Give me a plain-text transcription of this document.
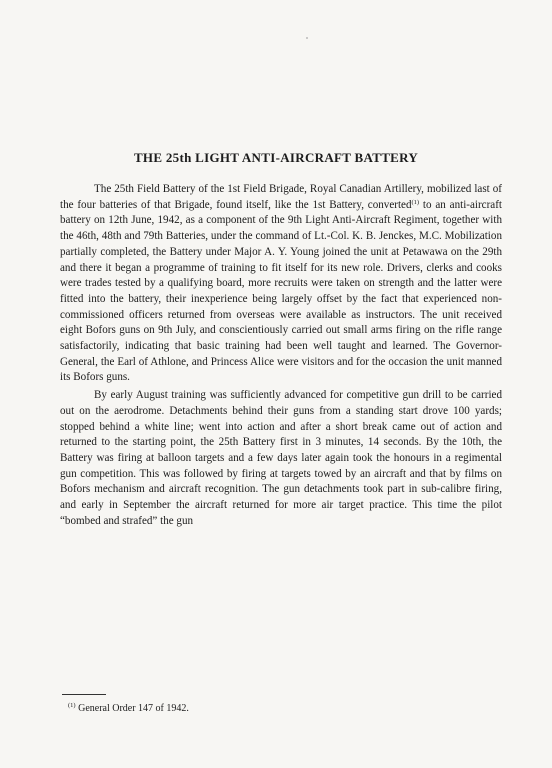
THE 25th LIGHT ANTI-AIRCRAFT BATTERY

The 25th Field Battery of the 1st Field Brigade, Royal Canadian Artillery, mobilized last of the four batteries of that Brigade, found itself, like the 1st Battery, converted$^{(1)}$ to an anti-aircraft battery on 12th June, 1942, as a component of the 9th Light Anti-Aircraft Regiment, together with the 46th, 48th and 79th Batteries, under the command of Lt.-Col. K. B. Jenckes, M.C. Mobilization partially completed, the Battery under Major A. Y. Young joined the unit at Petawawa on the 29th and there it began a programme of training to fit itself for its new role. Drivers, clerks and cooks were trades tested by a qualifying board, more recruits were taken on strength and the latter were fitted into the battery, their inexperience being largely offset by the fact that experienced non-commissioned officers returned from overseas were available as instructors. The unit received eight Bofors guns on 9th July, and conscientiously carried out small arms firing on the rifle range satisfactorily, indicating that basic training had been well taught and learned. The Governor-General, the Earl of Athlone, and Princess Alice were visitors and for the occasion the unit manned its Bofors guns.

By early August training was sufficiently advanced for competitive gun drill to be carried out on the aerodrome. Detachments behind their guns from a standing start drove 100 yards; stopped behind a white line; went into action and after a short break came out of action and returned to the starting point, the 25th Battery first in 3 minutes, 14 seconds. By the 10th, the Battery was firing at balloon targets and a few days later again took the honours in a regimental gun competition. This was followed by firing at targets towed by an aircraft and that by films on Bofors mechanism and aircraft recognition. The gun detachments took part in sub-calibre firing, and early in September the aircraft returned for more air target practice. This time the pilot “bombed and strafed” the gun

$^{(1)}$ General Order 147 of 1942.
